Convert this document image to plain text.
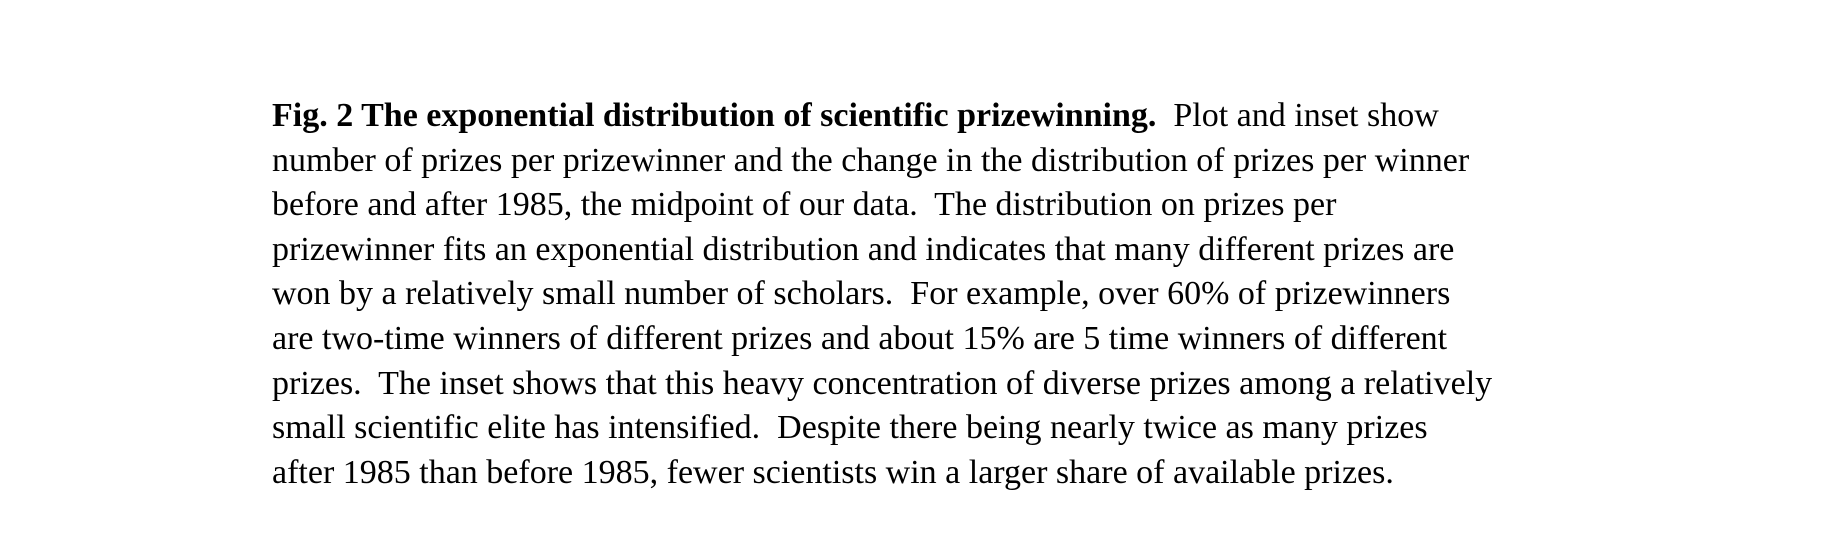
Fig. 2 The exponential distribution of scientific prizewinning.  Plot and inset show
number of prizes per prizewinner and the change in the distribution of prizes per winner
before and after 1985, the midpoint of our data.  The distribution on prizes per
prizewinner fits an exponential distribution and indicates that many different prizes are
won by a relatively small number of scholars.  For example, over 60% of prizewinners
are two-time winners of different prizes and about 15% are 5 time winners of different
prizes.  The inset shows that this heavy concentration of diverse prizes among a relatively
small scientific elite has intensified.  Despite there being nearly twice as many prizes
after 1985 than before 1985, fewer scientists win a larger share of available prizes.
